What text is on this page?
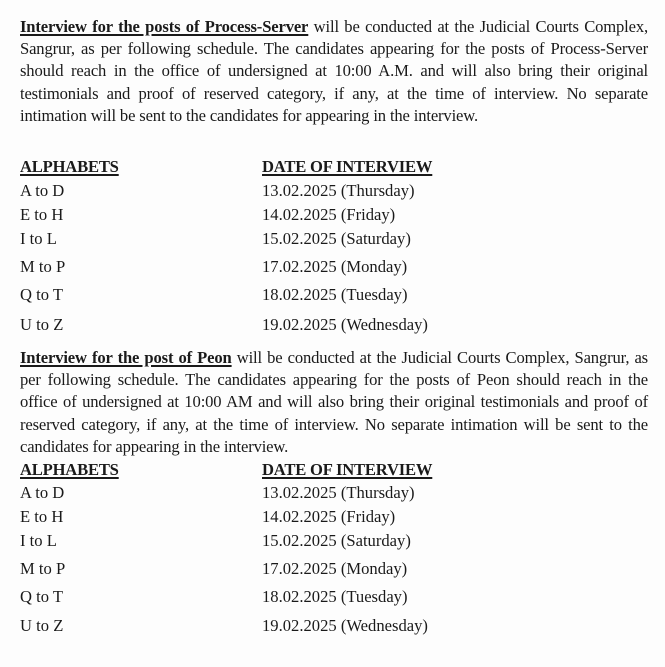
Interview for the posts of Process-Server will be conducted at the Judicial Courts Complex, Sangrur, as per following schedule. The candidates appearing for the posts of Process-Server should reach in the office of undersigned at 10:00 A.M. and will also bring their original testimonials and proof of reserved category, if any, at the time of interview. No separate intimation will be sent to the candidates for appearing in the interview.

ALPHABETS	DATE OF INTERVIEW
A to D	13.02.2025 (Thursday)
E to H	14.02.2025 (Friday)
I to L	15.02.2025 (Saturday)
M to P	17.02.2025 (Monday)
Q to T	18.02.2025 (Tuesday)
U to Z	19.02.2025 (Wednesday)

Interview for the post of Peon will be conducted at the Judicial Courts Complex, Sangrur, as per following schedule. The candidates appearing for the posts of Peon should reach in the office of undersigned at 10:00 AM and will also bring their original testimonials and proof of reserved category, if any, at the time of interview. No separate intimation will be sent to the candidates for appearing in the interview.

ALPHABETS	DATE OF INTERVIEW
A to D	13.02.2025 (Thursday)
E to H	14.02.2025 (Friday)
I to L	15.02.2025 (Saturday)
M to P	17.02.2025 (Monday)
Q to T	18.02.2025 (Tuesday)
U to Z	19.02.2025 (Wednesday)
